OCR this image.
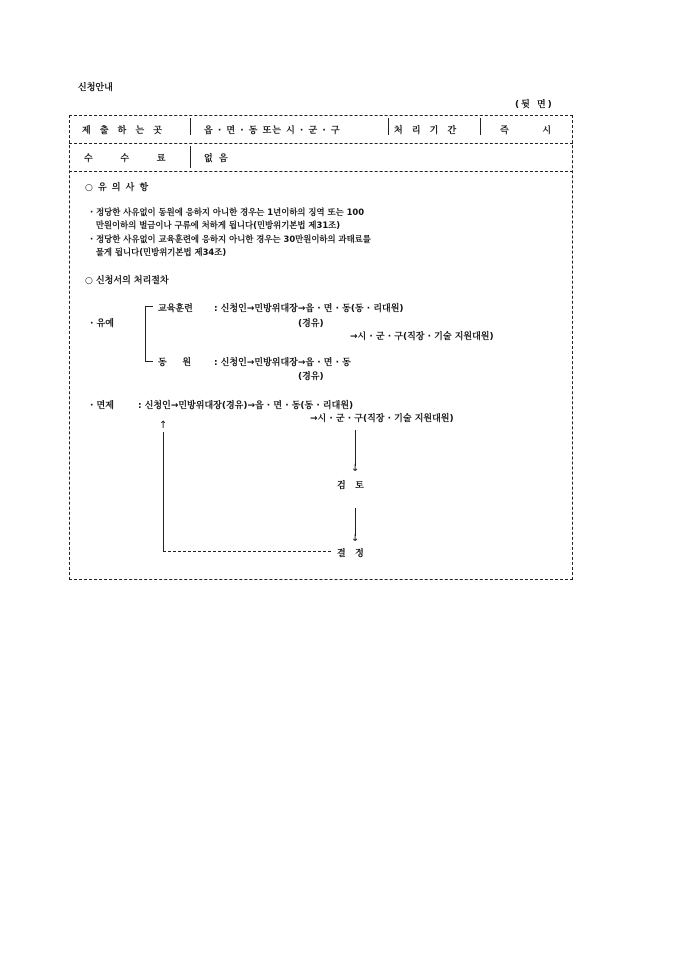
신청안내
(뒷 면)
제 출 하 는 곳	읍 · 면 · 동 또는 시 · 군 · 구	처 리 기 간	즉     시
수     수     료	없  음
○ 유 의 사 항
· 정당한 사유없이 동원에 응하지 아니한 경우는 1년이하의 징역 또는 100
만원이하의 벌금이나 구류에 처하게 됩니다(민방위기본법 제31조)
· 정당한 사유없이 교육훈련에 응하지 아니한 경우는 30만원이하의 과태료를
물게 됩니다(민방위기본법 제34조)
○ 신청서의 처리절차
· 유예
교육훈련 : 신청인→민방위대장→읍 · 면 · 동(동 · 리대원)
(경유)
→시 · 군 · 구(직장 · 기술 지원대원)
동     원	: 신청인→민방위대장→읍 · 면 · 동
(경유)
· 면제	: 신청인→민방위대장(경유)→읍 · 면 · 동(동 · 리대원)
→시 · 군 · 구(직장 · 기술 지원대원)
↑
↓
검   토
↓
결   정
